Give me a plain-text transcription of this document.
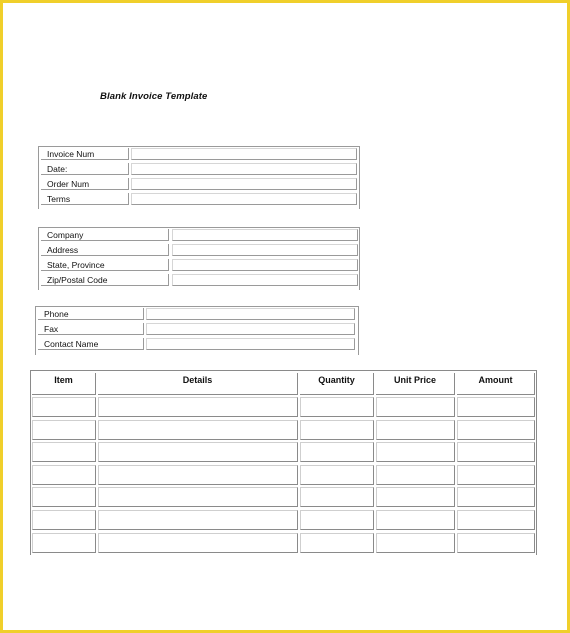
Blank Invoice Template
Invoice Num
Date:
Order Num
Terms
Company
Address
State, Province
Zip/Postal Code
Phone
Fax
Contact Name
Item	Details	Quantity	Unit Price	Amount
